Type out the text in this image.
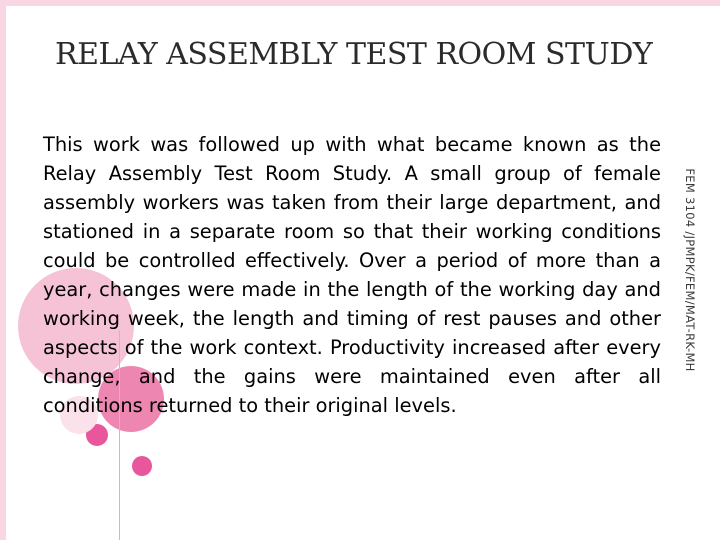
RELAY ASSEMBLY TEST ROOM STUDY
This work was followed up with what became known as the Relay Assembly Test Room Study. A small group of female assembly workers was taken from their large department, and stationed in a separate room so that their working conditions could be controlled effectively. Over a period of more than a year, changes were made in the length of the working day and working week, the length and timing of rest pauses and other aspects of the work context. Productivity increased after every change, and the gains were maintained even after all conditions returned to their original levels.
FEM 3104 /JPMPK/FEM/MAT-RK-MH
